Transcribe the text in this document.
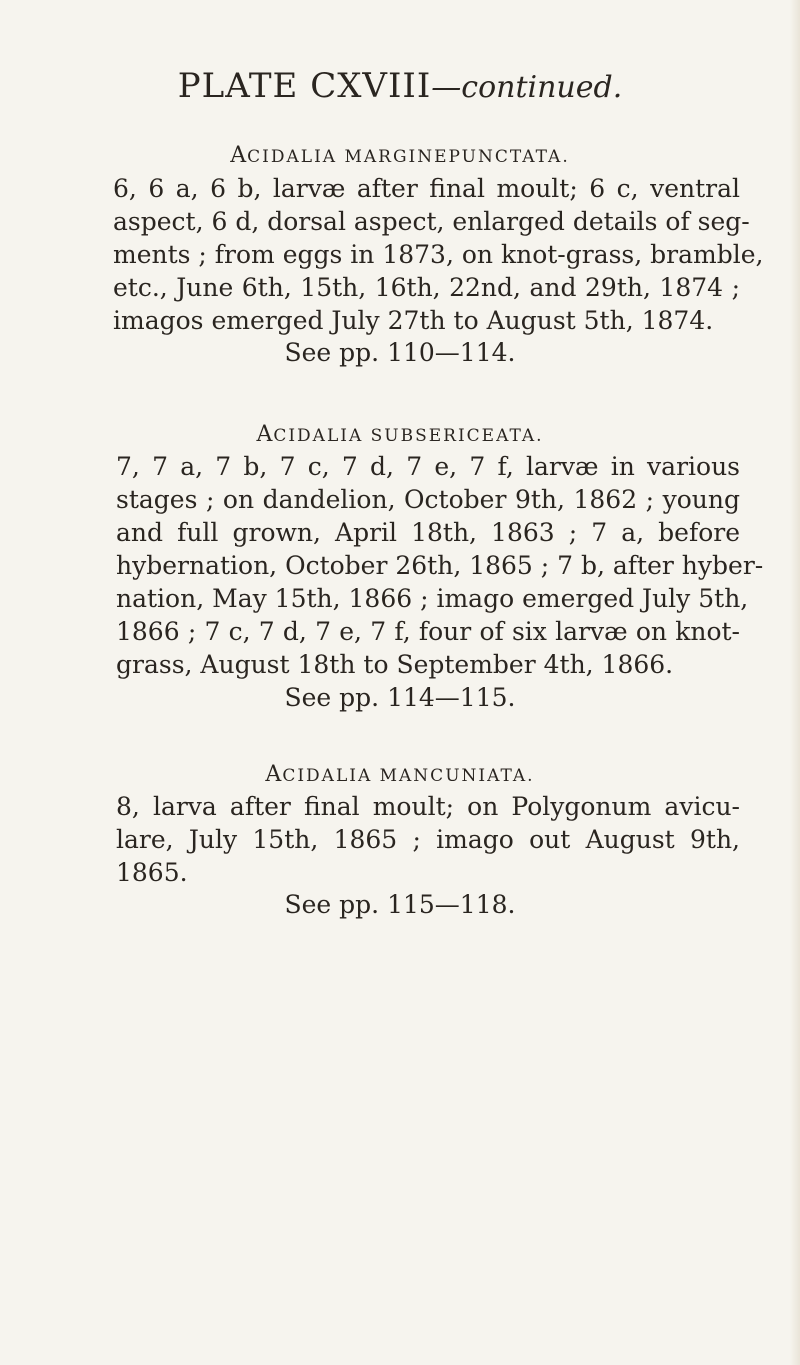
PLATE CXVIII—continued.
ACIDALIA MARGINEPUNCTATA.
6, 6 a, 6 b, larvæ after final moult; 6 c, ventral
aspect, 6 d, dorsal aspect, enlarged details of seg-
ments ; from eggs in 1873, on knot-grass, bramble,
etc., June 6th, 15th, 16th, 22nd, and 29th, 1874 ;
imagos emerged July 27th to August 5th, 1874.
See pp. 110—114.
ACIDALIA SUBSERICEATA.
7, 7 a, 7 b, 7 c, 7 d, 7 e, 7 f, larvæ in various
stages ; on dandelion, October 9th, 1862 ; young
and full grown, April 18th, 1863 ; 7 a, before
hybernation, October 26th, 1865 ; 7 b, after hyber-
nation, May 15th, 1866 ; imago emerged July 5th,
1866 ; 7 c, 7 d, 7 e, 7 f, four of six larvæ on knot-
grass, August 18th to September 4th, 1866.
See pp. 114—115.
ACIDALIA MANCUNIATA.
8, larva after final moult; on Polygonum avicu-
lare, July 15th, 1865 ; imago out August 9th,
1865.
See pp. 115—118.
